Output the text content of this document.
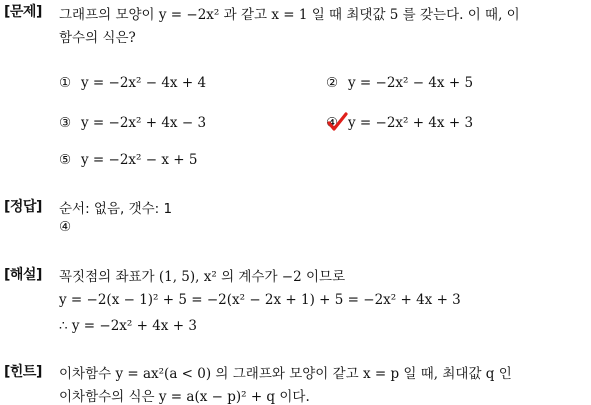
[문제] 그래프의 모양이 y = −2x² 과 같고 x = 1 일 때 최댓값 5 를 갖는다. 이 때, 이
함수의 식은?
① y = −2x² − 4x + 4	② y = −2x² − 4x + 5
③ y = −2x² + 4x − 3	④ y = −2x² + 4x + 3
⑤ y = −2x² − x + 5
[정답] 순서: 없음, 갯수: 1
④
[해설] 꼭짓점의 좌표가 (1, 5), x² 의 계수가 −2 이므로
y = −2(x − 1)² + 5 = −2(x² − 2x + 1) + 5 = −2x² + 4x + 3
∴ y = −2x² + 4x + 3
[힌트] 이차함수 y = ax²(a < 0) 의 그래프와 모양이 같고 x = p 일 때, 최대값 q 인
이차함수의 식은 y = a(x − p)² + q 이다.
